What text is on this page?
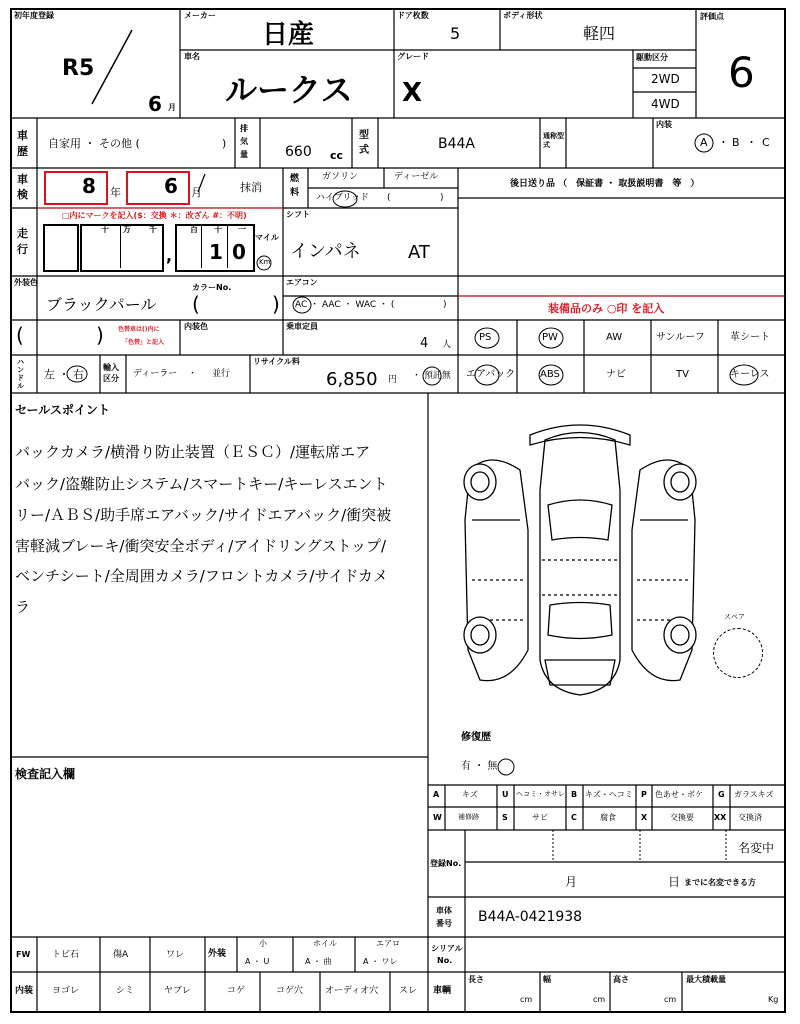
初年度登録
R5
6 月
メーカー
日産
ドア枚数
5
ボディ形状
軽四
評価点
6
車名
ルークス
グレード
X
駆動区分
2WD
4WD
車歴
自家用 ・ その他 (	)
排気量	660 cc
型式	B44A	通称型式
内装
A B C
・ ・
車検	8 年 6 月	抹消
燃料
ガソリン	ディーゼル
ハイブリッド (	)
後日送り品 （　保証書 ・ 取扱説明書　等　）
走行
□内にマークを記入($：交換 ＊：改ざん #：不明)
十 万 千	百 十 一
, 1 0
マイル
Km
シフト
インパネ	AT
外装色
ブラックパール
カラーNo.
(	)
(	) 色替車は()内に
「色替」と記入
内装色
エアコン
AC ・ AAC ・ WAC ・ (	)
乗車定員
4 人
装備品のみ ○印 を記入
PS	PW	AW	サンルーフ	革シート
エアバック ABS	ナビ	TV	キーレス
ハンドル
左 ・ 右
輸入区分	ディーラー ・ 並行
リサイクル料
6,850 円 ・ 預託無
セールスポイント
バックカメラ/横滑り防止装置（ＥＳＣ）/運転席エア
バック/盗難防止システム/スマートキー/キーレスエント
リー/ＡＢＳ/助手席エアバック/サイドエアバック/衝突被
害軽減ブレーキ/衝突安全ボディ/アイドリングストップ/
ベンチシート/全周囲カメラ/フロントカメラ/サイドカメ
ラ
スペア
修復歴
有 ・ 無
検査記入欄
A	キズ	U ヘコミ・オサレ B キズ・ヘコミ P 色あせ・ボケ G ガラスキズ
W 補修跡	S	サビ	C	腐食	X	交換要	XX 交換済
登録No.
名変中
月	日 までに名変できる方
車体
番号 B44A-0421938
シリアル
No.
車輌
長さ
cm
幅
cm
高さ
cm
最大積載量
Kg
FW トビ石	傷A	ワレ	外装
小
A ・ U
ホイル
A ・ 曲
エアロ
A ・ ワレ
内装 ヨゴレ	シミ	ヤブレ	コゲ	コゲ穴 オーディオ穴 スレ
